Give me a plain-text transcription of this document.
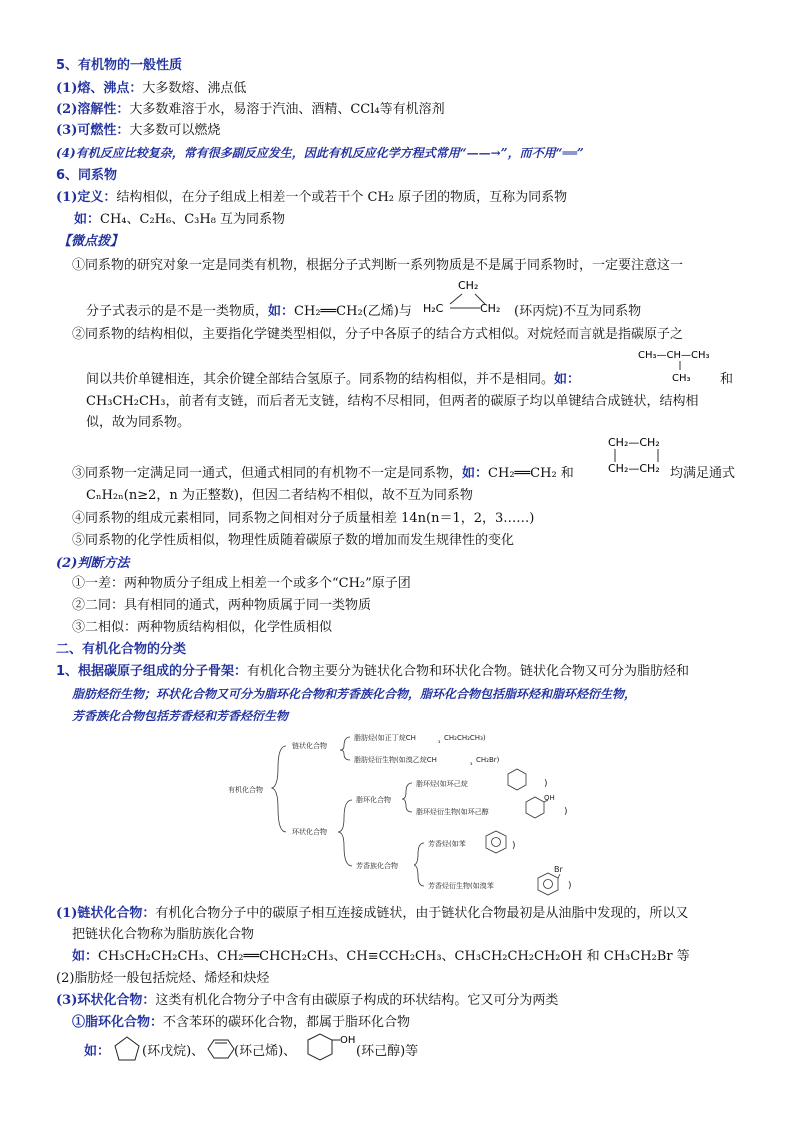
5、有机物的一般性质
(1)熔、沸点：大多数熔、沸点低
(2)溶解性：大多数难溶于水，易溶于汽油、酒精、CCl₄等有机溶剂
(3)可燃性：大多数可以燃烧
(4)有机反应比较复杂，常有很多副反应发生，因此有机反应化学方程式常用“——→”，而不用“══”
6、同系物
(1)定义：结构相似，在分子组成上相差一个或若干个 CH₂ 原子团的物质，互称为同系物
如：CH₄、C₂H₆、C₃H₈ 互为同系物
【微点拨】
①同系物的研究对象一定是同类有机物，根据分子式判断一系列物质是不是属于同系物时，一定要注意这一
分子式表示的是不是一类物质，如：CH₂══CH₂(乙烯)与
CH₂
H₂C	CH₂ (环丙烷)不互为同系物
②同系物的结构相似，主要指化学键类型相似，分子中各原子的结合方式相似。对烷烃而言就是指碳原子之
CH₃—CH—CH₃
CH₃
间以共价单键相连，其余价键全部结合氢原子。同系物的结构相似，并不是相同。如：	和
CH₃CH₂CH₃，前者有支链，而后者无支链，结构不尽相同，但两者的碳原子均以单键结合成链状，结构相
似，故为同系物。
CH₂—CH₂
CH₂—CH₂
③同系物一定满足同一通式，但通式相同的有机物不一定是同系物，如：CH₂══CH₂ 和	均满足通式
CₙH₂ₙ(n≥2，n 为正整数)，但因二者结构不相似，故不互为同系物
④同系物的组成元素相同，同系物之间相对分子质量相差 14n(n＝1，2，3……)
⑤同系物的化学性质相似，物理性质随着碳原子数的增加而发生规律性的变化
(2)判断方法
①一差：两种物质分子组成上相差一个或多个“CH₂”原子团
②二同：具有相同的通式，两种物质属于同一类物质
③二相似：两种物质结构相似，化学性质相似
二、有机化合物的分类
1、根据碳原子组成的分子骨架：有机化合物主要分为链状化合物和环状化合物。链状化合物又可分为脂肪烃和
脂肪烃衍生物；环状化合物又可分为脂环化合物和芳香族化合物，脂环化合物包括脂环烃和脂环烃衍生物，
芳香族化合物包括芳香烃和芳香烃衍生物
有机化合物
链状化合物
环状化合物
脂肪烃(如正丁烷CH	₃ CH₂CH₂CH₃)
脂肪烃衍生物(如溴乙烷CH	₃ CH₂Br)
脂环化合物
脂环烃(如环己烷
脂环烃衍生物(如环己醇
芳香族化合物
芳香烃(如苯
芳香烃衍生物(如溴苯
)
)
)
)
OH
Br
(1)链状化合物：有机化合物分子中的碳原子相互连接成链状，由于链状化合物最初是从油脂中发现的，所以又
把链状化合物称为脂肪族化合物
如：CH₃CH₂CH₂CH₃、CH₂══CHCH₂CH₃、CH≡CCH₂CH₃、CH₃CH₂CH₂CH₂OH 和 CH₃CH₂Br 等
(2)脂肪烃一般包括烷烃、烯烃和炔烃
(3)环状化合物：这类有机化合物分子中含有由碳原子构成的环状结构。它又可分为两类
①脂环化合物：不含苯环的碳环化合物，都属于脂环化合物
如： (环戊烷)、 (环己烯)、
OH
(环己醇)等
